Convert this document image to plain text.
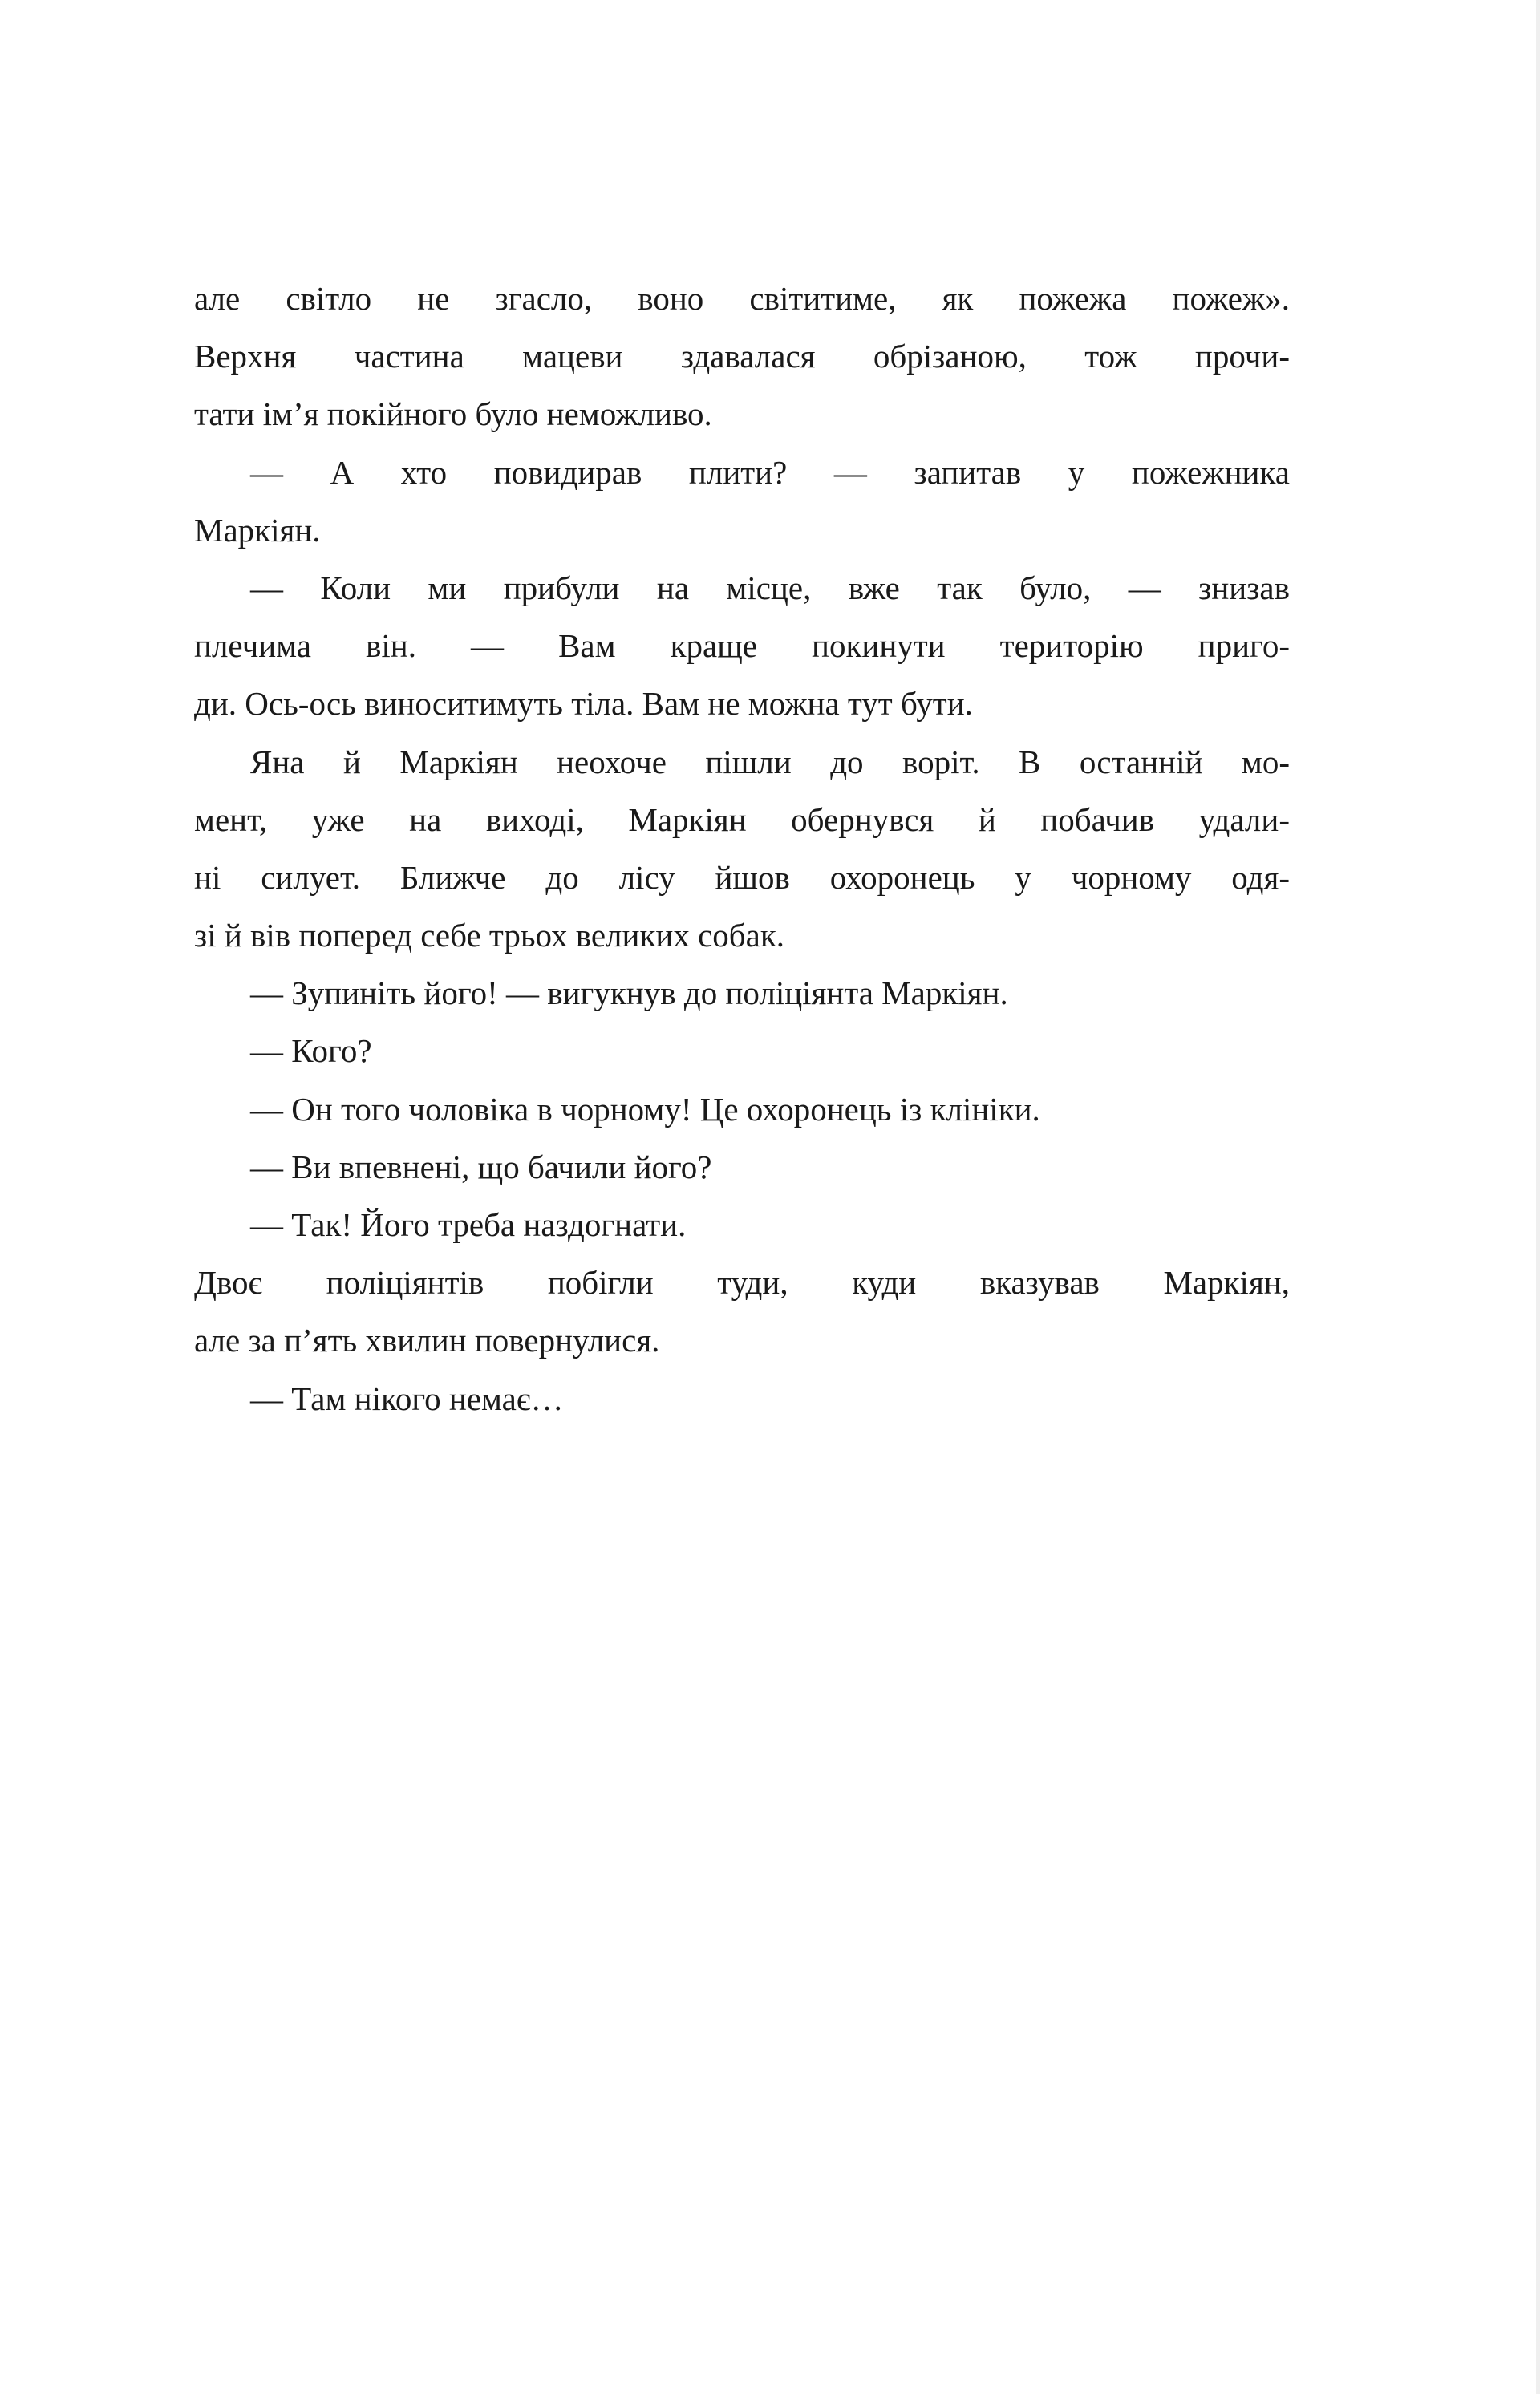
але світло не згасло, воно світитиме, як пожежа пожеж».
Верхня частина мацеви здавалася обрізаною, тож прочи-
тати ім’я покійного було неможливо.
— А хто повидирав плити? — запитав у пожежника
Маркіян.
— Коли ми прибули на місце, вже так було, — знизав
плечима він. — Вам краще покинути територію приго-
ди. Ось-ось виноситимуть тіла. Вам не можна тут бути.
Яна й Маркіян неохоче пішли до воріт. В останній мо-
мент, уже на виході, Маркіян обернувся й побачив удали-
ні силует. Ближче до лісу йшов охоронець у чорному одя-
зі й вів поперед себе трьох великих собак.
— Зупиніть його! — вигукнув до поліціянта Маркіян.
— Кого?
— Он того чоловіка в чорному! Це охоронець із клініки.
— Ви впевнені, що бачили його?
— Так! Його треба наздогнати.
Двоє поліціянтів побігли туди, куди вказував Маркіян,
але за п’ять хвилин повернулися.
— Там нікого немає…
